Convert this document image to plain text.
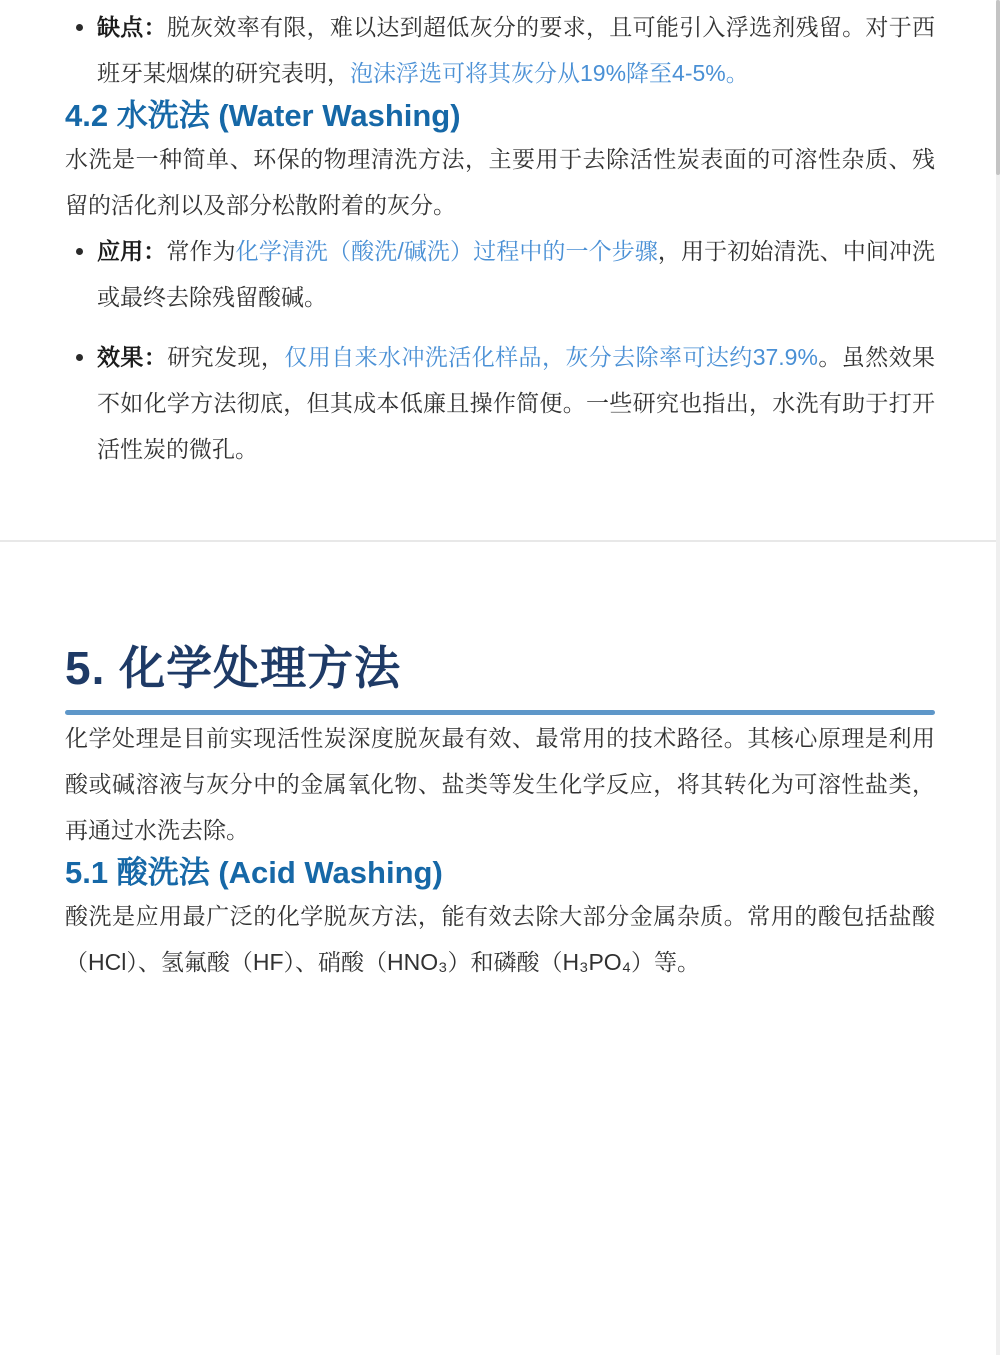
缺点：脱灰效率有限，难以达到超低灰分的要求，且可能引入浮选剂残留。对于西班牙某烟煤的研究表明，泡沫浮选可将其灰分从19%降至4-5%。
4.2 水洗法 (Water Washing)

水洗是一种简单、环保的物理清洗方法，主要用于去除活性炭表面的可溶性杂质、残留的活化剂以及部分松散附着的灰分。

应用：常作为化学清洗（酸洗/碱洗）过程中的一个步骤，用于初始清洗、中间冲洗或最终去除残留酸碱。
效果：研究发现，仅用自来水冲洗活化样品，灰分去除率可达约37.9%。虽然效果不如化学方法彻底，但其成本低廉且操作简便。一些研究也指出，水洗有助于打开活性炭的微孔。
5. 化学处理方法

化学处理是目前实现活性炭深度脱灰最有效、最常用的技术路径。其核心原理是利用酸或碱溶液与灰分中的金属氧化物、盐类等发生化学反应，将其转化为可溶性盐类，再通过水洗去除。

5.1 酸洗法 (Acid Washing)

酸洗是应用最广泛的化学脱灰方法，能有效去除大部分金属杂质。常用的酸包括盐酸（HCl）、氢氟酸（HF）、硝酸（HNO₃）和磷酸（H₃PO₄）等。
